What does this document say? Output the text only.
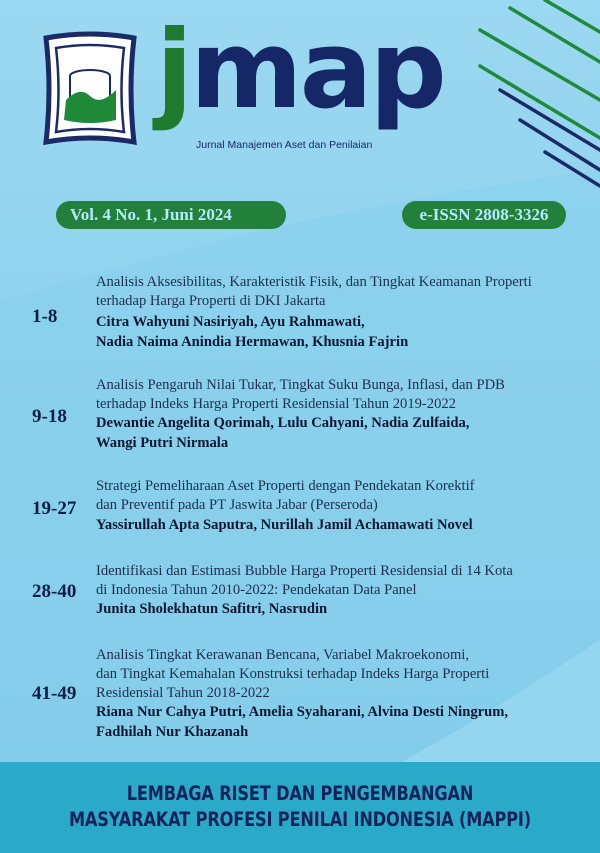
jmap
Jurnal Manajemen Aset dan Penilaian
Vol. 4 No. 1, Juni 2024	e-ISSN 2808-3326
1-8
Analisis Aksesibilitas, Karakteristik Fisik, dan Tingkat Keamanan Properti
terhadap Harga Properti di DKI Jakarta
Citra Wahyuni Nasiriyah, Ayu Rahmawati,
Nadia Naima Anindia Hermawan, Khusnia Fajrin
9-18
Analisis Pengaruh Nilai Tukar, Tingkat Suku Bunga, Inflasi, dan PDB
terhadap Indeks Harga Properti Residensial Tahun 2019-2022
Dewantie Angelita Qorimah, Lulu Cahyani, Nadia Zulfaida,
Wangi Putri Nirmala
19-27
Strategi Pemeliharaan Aset Properti dengan Pendekatan Korektif
dan Preventif pada PT Jaswita Jabar (Perseroda)
Yassirullah Apta Saputra, Nurillah Jamil Achamawati Novel
28-40
Identifikasi dan Estimasi Bubble Harga Properti Residensial di 14 Kota
di Indonesia Tahun 2010-2022: Pendekatan Data Panel
Junita Sholekhatun Safitri, Nasrudin
41-49
Analisis Tingkat Kerawanan Bencana, Variabel Makroekonomi,
dan Tingkat Kemahalan Konstruksi terhadap Indeks Harga Properti
Residensial Tahun 2018-2022
Riana Nur Cahya Putri, Amelia Syaharani, Alvina Desti Ningrum,
Fadhilah Nur Khazanah
LEMBAGA RISET DAN PENGEMBANGAN
MASYARAKAT PROFESI PENILAI INDONESIA (MAPPI)
